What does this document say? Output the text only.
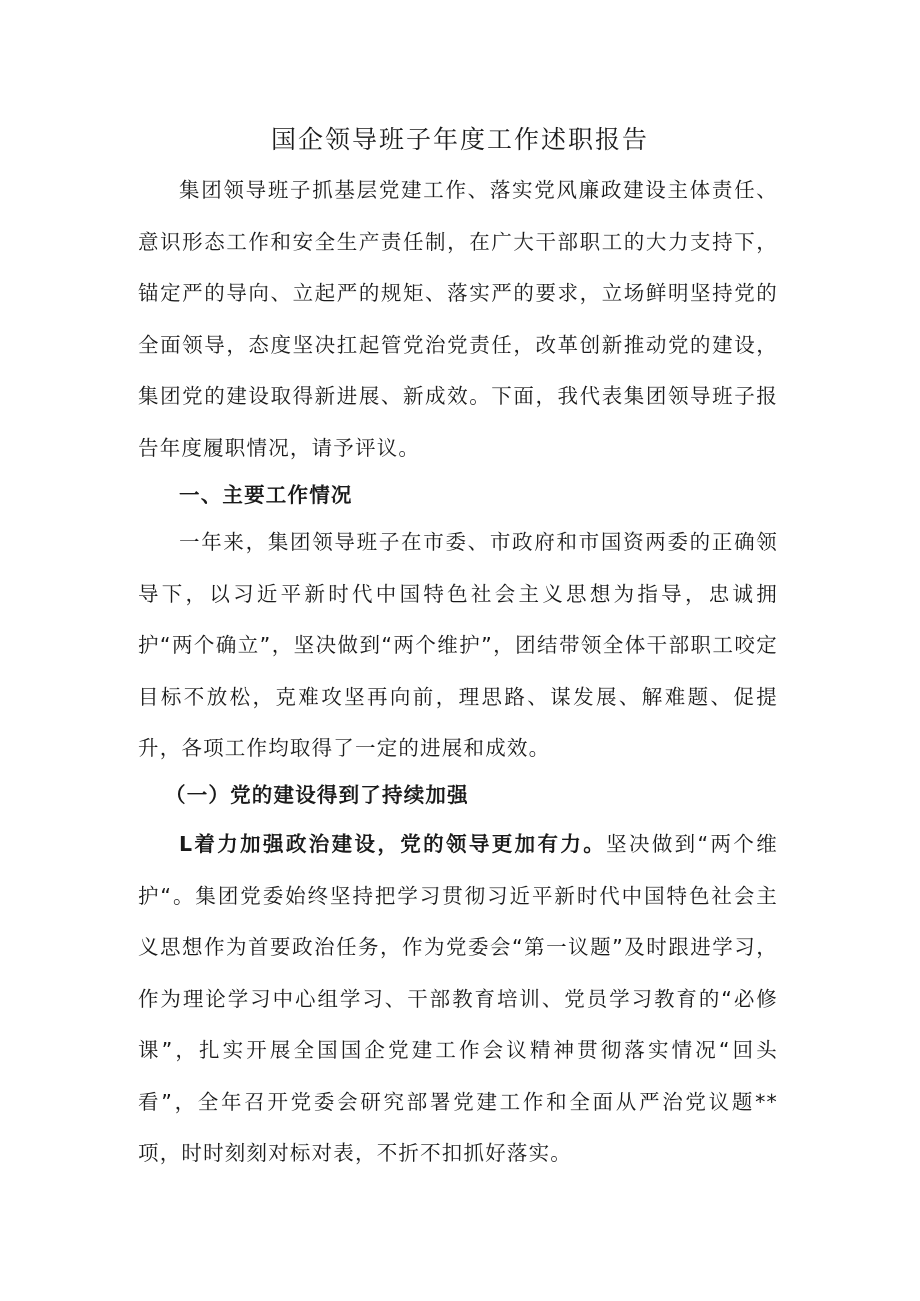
国企领导班子年度工作述职报告

集团领导班子抓基层党建工作、落实党风廉政建设主体责任、意识形态工作和安全生产责任制，在广大干部职工的大力支持下，锚定严的导向、立起严的规矩、落实严的要求，立场鲜明坚持党的全面领导，态度坚决扛起管党治党责任，改革创新推动党的建设，集团党的建设取得新进展、新成效。下面，我代表集团领导班子报告年度履职情况，请予评议。

一、主要工作情况

一年来，集团领导班子在市委、市政府和市国资两委的正确领导下，以习近平新时代中国特色社会主义思想为指导，忠诚拥护“两个确立”，坚决做到“两个维护”，团结带领全体干部职工咬定目标不放松，克难攻坚再向前，理思路、谋发展、解难题、促提升，各项工作均取得了一定的进展和成效。

（一）党的建设得到了持续加强

L着力加强政治建设，党的领导更加有力。坚决做到“两个维护“。集团党委始终坚持把学习贯彻习近平新时代中国特色社会主义思想作为首要政治任务，作为党委会“第一议题”及时跟进学习，作为理论学习中心组学习、干部教育培训、党员学习教育的“必修课”，扎实开展全国国企党建工作会议精神贯彻落实情况“回头看”，全年召开党委会研究部署党建工作和全面从严治党议题**项，时时刻刻对标对表，不折不扣抓好落实。
